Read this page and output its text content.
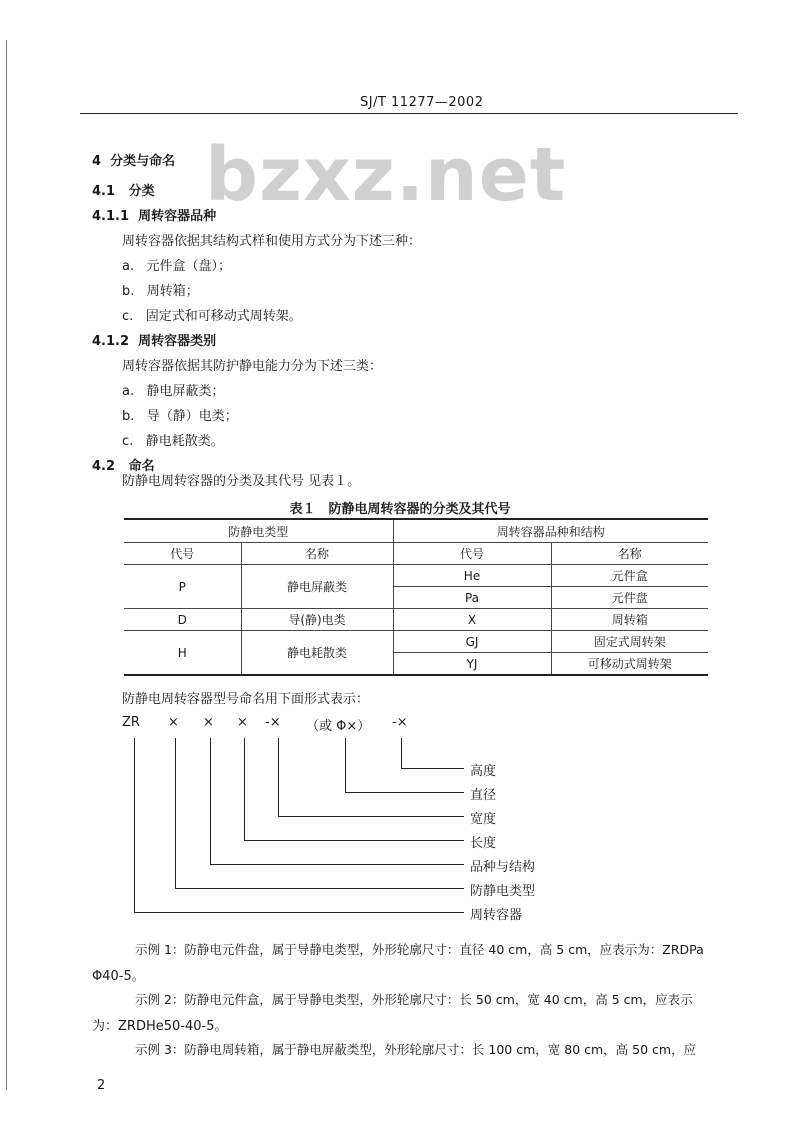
SJ/T 11277—2002
bzxz.net
4 分类与命名
4.1 分类
4.1.1 周转容器品种
周转容器依据其结构式样和使用方式分为下述三种：
a. 元件盒（盘）；
b. 周转箱；
c. 固定式和可移动式周转架。
4.1.2 周转容器类别
周转容器依据其防护静电能力分为下述三类：
a. 静电屏蔽类；
b. 导（静）电类；
c. 静电耗散类。
4.2 命名
防静电周转容器的分类及其代号 见表１。
表１　防静电周转容器的分类及其代号
防静电类型		周转容器品种和结构	
代号	名称	代号	名称
P	静电屏蔽类	He	元件盒
		Pa	元件盘
D	导(静)电类	X	周转箱
H	静电耗散类	GJ	固定式周转架
		YJ	可移动式周转架
防静电周转容器型号命名用下面形式表示：
ZR × × × -× （或 Φ×） -×
高度
直径
宽度
长度
品种与结构
防静电类型
周转容器
示例 1：防静电元件盘，属于导静电类型，外形轮廓尺寸：直径 40 cm，高 5 cm，应表示为：ZRDPa
Φ40-5。
示例 2：防静电元件盒，属于导静电类型，外形轮廓尺寸：长 50 cm，宽 40 cm，高 5 cm，应表示
为：ZRDHe50-40-5。
示例 3：防静电周转箱，属于静电屏蔽类型，外形轮廓尺寸：长 100 cm，宽 80 cm，高 50 cm，应
2
